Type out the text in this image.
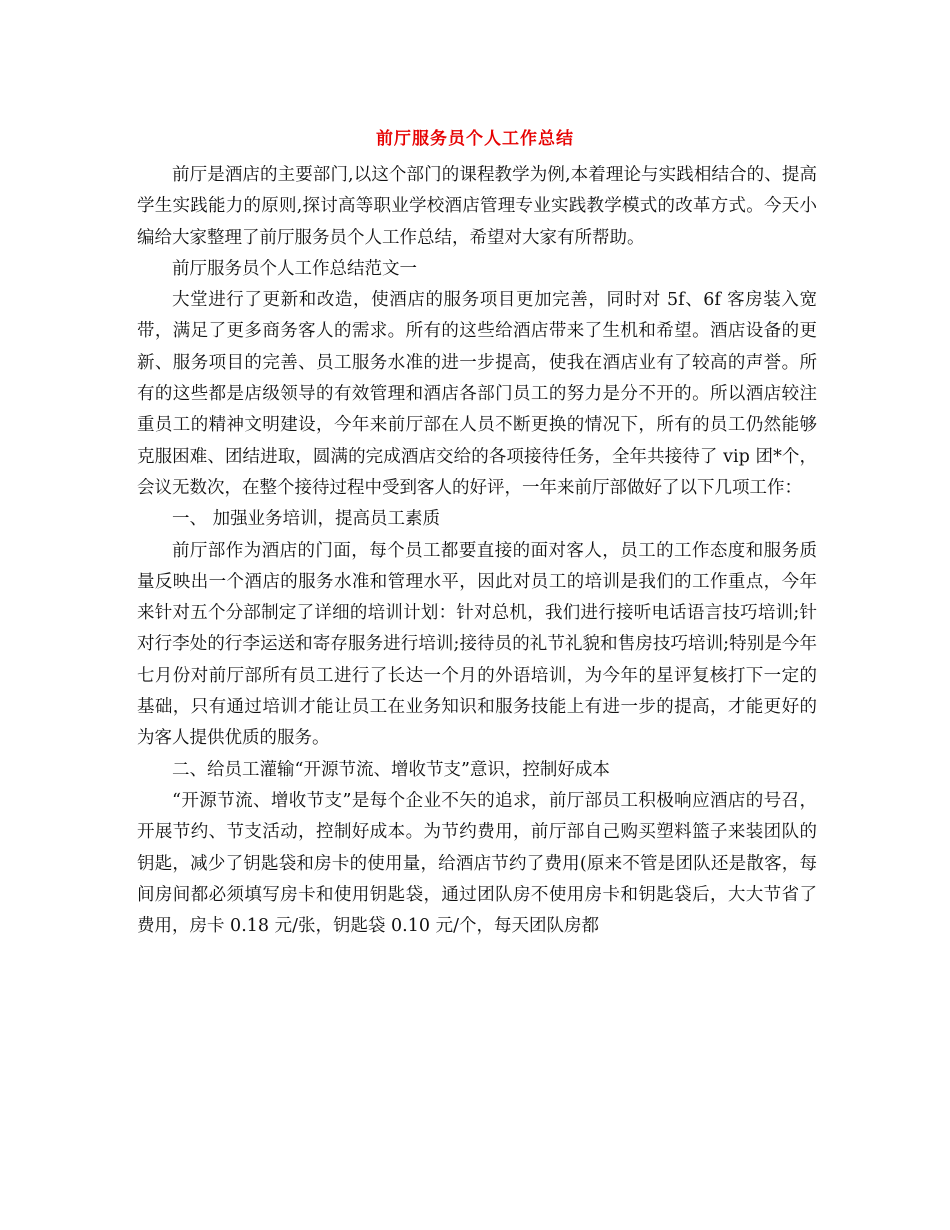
前厅服务员个人工作总结

前厅是酒店的主要部门,以这个部门的课程教学为例,本着理论与实践相结合的、提高学生实践能力的原则,探讨高等职业学校酒店管理专业实践教学模式的改革方式。今天小编给大家整理了前厅服务员个人工作总结，希望对大家有所帮助。

前厅服务员个人工作总结范文一

大堂进行了更新和改造，使酒店的服务项目更加完善，同时对 5f、6f 客房装入宽带，满足了更多商务客人的需求。所有的这些给酒店带来了生机和希望。酒店设备的更新、服务项目的完善、员工服务水准的进一步提高，使我在酒店业有了较高的声誉。所有的这些都是店级领导的有效管理和酒店各部门员工的努力是分不开的。所以酒店较注重员工的精神文明建设，今年来前厅部在人员不断更换的情况下，所有的员工仍然能够克服困难、团结进取，圆满的完成酒店交给的各项接待任务，全年共接待了 vip 团*个，会议无数次，在整个接待过程中受到客人的好评，一年来前厅部做好了以下几项工作：

一、 加强业务培训，提高员工素质

前厅部作为酒店的门面，每个员工都要直接的面对客人，员工的工作态度和服务质量反映出一个酒店的服务水准和管理水平，因此对员工的培训是我们的工作重点，今年来针对五个分部制定了详细的培训计划：针对总机，我们进行接听电话语言技巧培训;针对行李处的行李运送和寄存服务进行培训;接待员的礼节礼貌和售房技巧培训;特别是今年七月份对前厅部所有员工进行了长达一个月的外语培训，为今年的星评复核打下一定的基础，只有通过培训才能让员工在业务知识和服务技能上有进一步的提高，才能更好的为客人提供优质的服务。

二、给员工灌输“开源节流、增收节支”意识，控制好成本

“开源节流、增收节支”是每个企业不矢的追求，前厅部员工积极响应酒店的号召，开展节约、节支活动，控制好成本。为节约费用，前厅部自己购买塑料篮子来装团队的钥匙，减少了钥匙袋和房卡的使用量，给酒店节约了费用(原来不管是团队还是散客，每间房间都必须填写房卡和使用钥匙袋，通过团队房不使用房卡和钥匙袋后，大大节省了费用，房卡 0.18 元/张，钥匙袋 0.10 元/个，每天团队房都
